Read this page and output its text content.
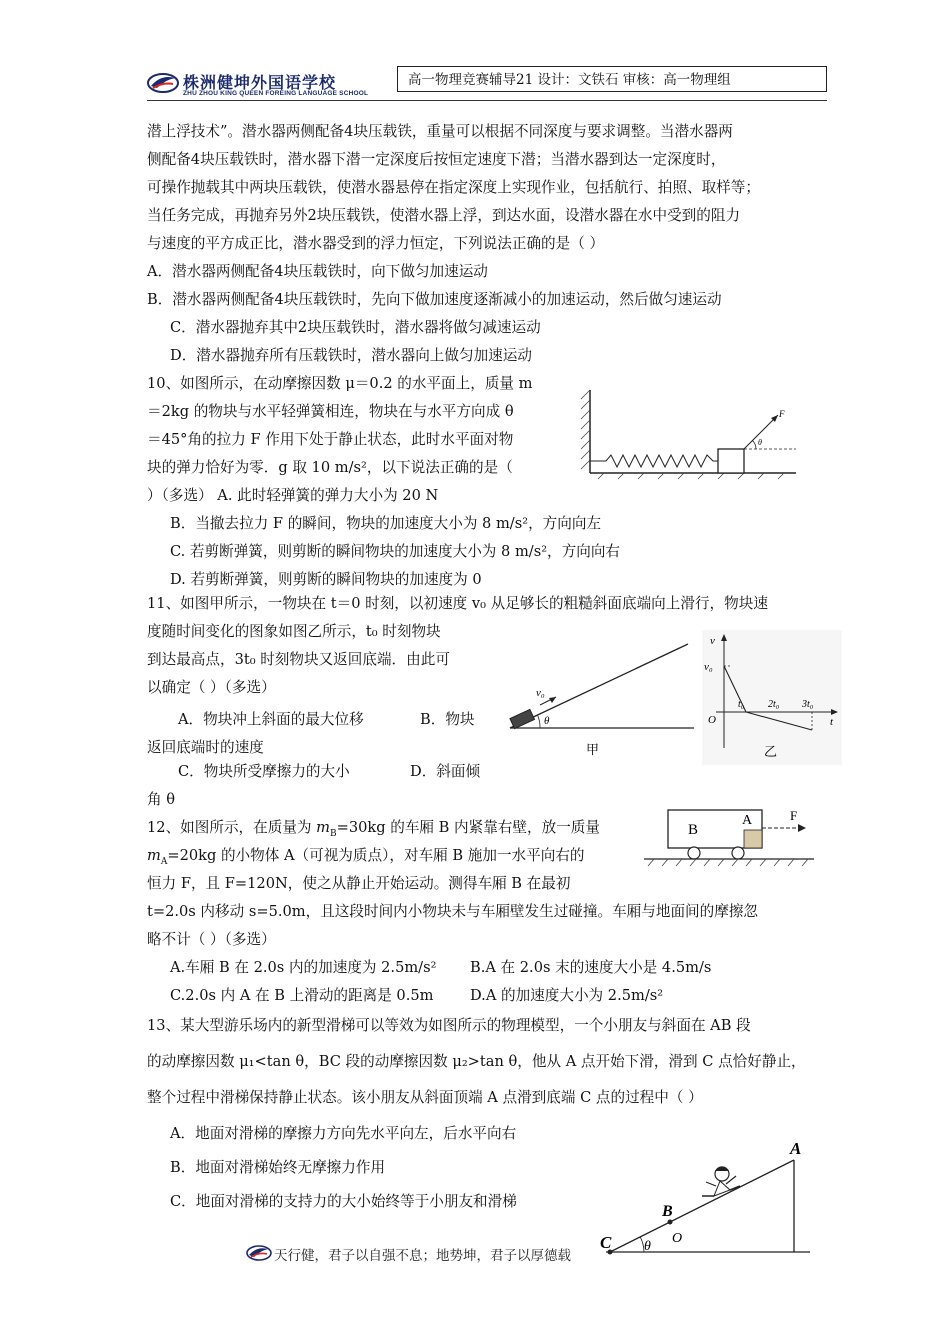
株洲健坤外国语学校
ZHU ZHOU KING QUEEN FOREING LANGUAGE SCHOOL
高一物理竞赛辅导21 设计：文铁石 审核：高一物理组
潜上浮技术”。潜水器两侧配备4块压载铁，重量可以根据不同深度与要求调整。当潜水器两
侧配备4块压载铁时，潜水器下潜一定深度后按恒定速度下潜；当潜水器到达一定深度时，
可操作抛载其中两块压载铁，使潜水器悬停在指定深度上实现作业，包括航行、拍照、取样等；
当任务完成，再抛弃另外2块压载铁，使潜水器上浮，到达水面，设潜水器在水中受到的阻力
与速度的平方成正比，潜水器受到的浮力恒定，下列说法正确的是（ ）
A．潜水器两侧配备4块压载铁时，向下做匀加速运动
B．潜水器两侧配备4块压载铁时，先向下做加速度逐渐减小的加速运动，然后做匀速运动
C．潜水器抛弃其中2块压载铁时，潜水器将做匀减速运动
D．潜水器抛弃所有压载铁时，潜水器向上做匀加速运动
10、如图所示，在动摩擦因数 μ＝0.2 的水平面上，质量 m
＝2kg 的物块与水平轻弹簧相连，物块在与水平方向成 θ
＝45°角的拉力 F 作用下处于静止状态，此时水平面对物
块的弹力恰好为零．g 取 10 m/s²，以下说法正确的是（
）（多选） A. 此时轻弹簧的弹力大小为 20 N
B．当撤去拉力 F 的瞬间，物块的加速度大小为 8 m/s²，方向向左
C. 若剪断弹簧，则剪断的瞬间物块的加速度大小为 8 m/s²，方向向右
D. 若剪断弹簧，则剪断的瞬间物块的加速度为 0
F
θ
11、如图甲所示，一物块在 t＝0 时刻，以初速度 v₀ 从足够长的粗糙斜面底端向上滑行，物块速
度随时间变化的图象如图乙所示，t₀ 时刻物块
到达最高点，3t₀ 时刻物块又返回底端．由此可
以确定（ ）（多选）
A．物块冲上斜面的最大位移	B．物块
返回底端时的速度
C．物块所受摩擦力的大小	D．斜面倾
角 θ
v₀
θ
甲
v
v₀
O	t
t₀ 2t₀ 3t₀
乙
12、如图所示，在质量为 $m_B=30kg$ 的车厢 B 内紧靠右壁，放一质量
$m_A=20kg$ 的小物体 A（可视为质点），对车厢 B 施加一水平向右的
恒力 F，且 F=120N，使之从静止开始运动。测得车厢 B 在最初
t=2.0s 内移动 s=5.0m，且这段时间内小物块未与车厢壁发生过碰撞。车厢与地面间的摩擦忽
略不计（ ）（多选）
A.车厢 B 在 2.0s 内的加速度为 2.5m/s² B.A 在 2.0s 末的速度大小是 4.5m/s
C.2.0s 内 A 在 B 上滑动的距离是 0.5m	D.A 的加速度大小为 2.5m/s²
B
A	F
13、某大型游乐场内的新型滑梯可以等效为如图所示的物理模型，一个小朋友与斜面在 AB 段
的动摩擦因数 μ₁<tan θ，BC 段的动摩擦因数 μ₂>tan θ，他从 A 点开始下滑，滑到 C 点恰好静止，
整个过程中滑梯保持静止状态。该小朋友从斜面顶端 A 点滑到底端 C 点的过程中（ ）
A．地面对滑梯的摩擦力方向先水平向左，后水平向右
B．地面对滑梯始终无摩擦力作用
C．地面对滑梯的支持力的大小始终等于小朋友和滑梯
A
B
C θ
O
天行健，君子以自强不息；地势坤，君子以厚德载
